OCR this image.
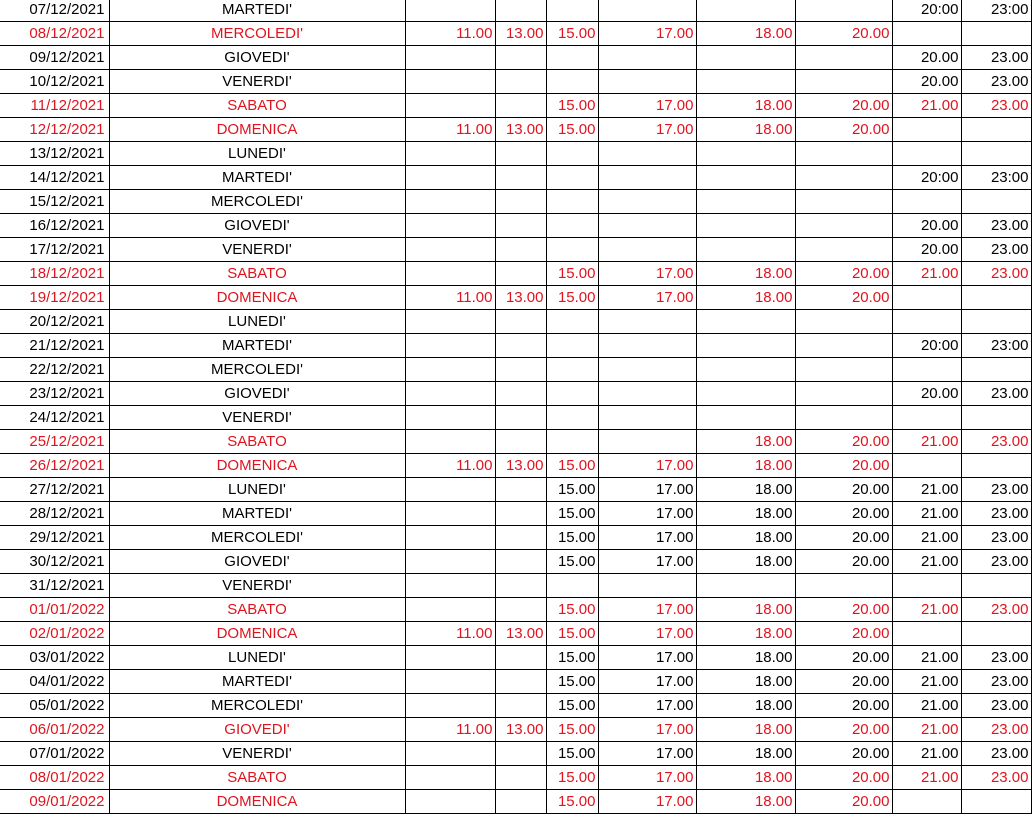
07/12/2021	MARTEDI'							20:00	23:00
08/12/2021	MERCOLEDI'	11.00	13.00	15.00	17.00	18.00	20.00		
09/12/2021	GIOVEDI'							20.00	23.00
10/12/2021	VENERDI'							20.00	23.00
11/12/2021	SABATO			15.00	17.00	18.00	20.00	21.00	23.00
12/12/2021	DOMENICA	11.00	13.00	15.00	17.00	18.00	20.00		
13/12/2021	LUNEDI'								
14/12/2021	MARTEDI'							20:00	23:00
15/12/2021	MERCOLEDI'								
16/12/2021	GIOVEDI'							20.00	23.00
17/12/2021	VENERDI'							20.00	23.00
18/12/2021	SABATO			15.00	17.00	18.00	20.00	21.00	23.00
19/12/2021	DOMENICA	11.00	13.00	15.00	17.00	18.00	20.00		
20/12/2021	LUNEDI'								
21/12/2021	MARTEDI'							20:00	23:00
22/12/2021	MERCOLEDI'								
23/12/2021	GIOVEDI'							20.00	23.00
24/12/2021	VENERDI'								
25/12/2021	SABATO					18.00	20.00	21.00	23.00
26/12/2021	DOMENICA	11.00	13.00	15.00	17.00	18.00	20.00		
27/12/2021	LUNEDI'			15.00	17.00	18.00	20.00	21.00	23.00
28/12/2021	MARTEDI'			15.00	17.00	18.00	20.00	21.00	23.00
29/12/2021	MERCOLEDI'			15.00	17.00	18.00	20.00	21.00	23.00
30/12/2021	GIOVEDI'			15.00	17.00	18.00	20.00	21.00	23.00
31/12/2021	VENERDI'								
01/01/2022	SABATO			15.00	17.00	18.00	20.00	21.00	23.00
02/01/2022	DOMENICA	11.00	13.00	15.00	17.00	18.00	20.00		
03/01/2022	LUNEDI'			15.00	17.00	18.00	20.00	21.00	23.00
04/01/2022	MARTEDI'			15.00	17.00	18.00	20.00	21.00	23.00
05/01/2022	MERCOLEDI'			15.00	17.00	18.00	20.00	21.00	23.00
06/01/2022	GIOVEDI'	11.00	13.00	15.00	17.00	18.00	20.00	21.00	23.00
07/01/2022	VENERDI'			15.00	17.00	18.00	20.00	21.00	23.00
08/01/2022	SABATO			15.00	17.00	18.00	20.00	21.00	23.00
09/01/2022	DOMENICA			15.00	17.00	18.00	20.00		
